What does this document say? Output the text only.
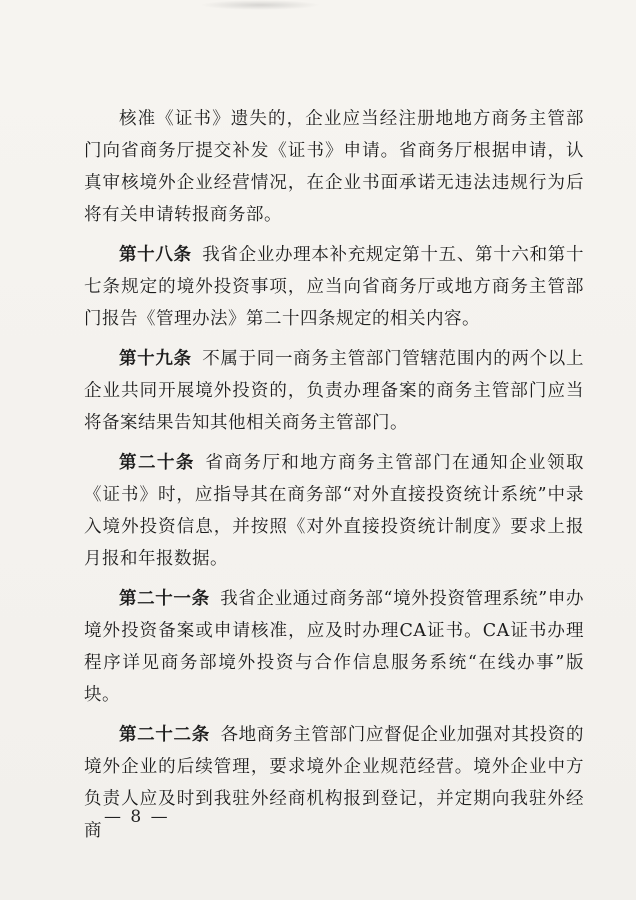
核准《证书》遗失的，企业应当经注册地地方商务主管部门向省商务厅提交补发《证书》申请。省商务厅根据申请，认真审核境外企业经营情况，在企业书面承诺无违法违规行为后将有关申请转报商务部。

第十八条 我省企业办理本补充规定第十五、第十六和第十七条规定的境外投资事项，应当向省商务厅或地方商务主管部门报告《管理办法》第二十四条规定的相关内容。

第十九条 不属于同一商务主管部门管辖范围内的两个以上企业共同开展境外投资的，负责办理备案的商务主管部门应当将备案结果告知其他相关商务主管部门。

第二十条 省商务厅和地方商务主管部门在通知企业领取《证书》时，应指导其在商务部“对外直接投资统计系统”中录入境外投资信息，并按照《对外直接投资统计制度》要求上报月报和年报数据。

第二十一条 我省企业通过商务部“境外投资管理系统”申办境外投资备案或申请核准，应及时办理CA证书。CA证书办理程序详见商务部境外投资与合作信息服务系统“在线办事”版块。

第二十二条 各地商务主管部门应督促企业加强对其投资的境外企业的后续管理，要求境外企业规范经营。境外企业中方负责人应及时到我驻外经商机构报到登记，并定期向我驻外经商

— 8 —
